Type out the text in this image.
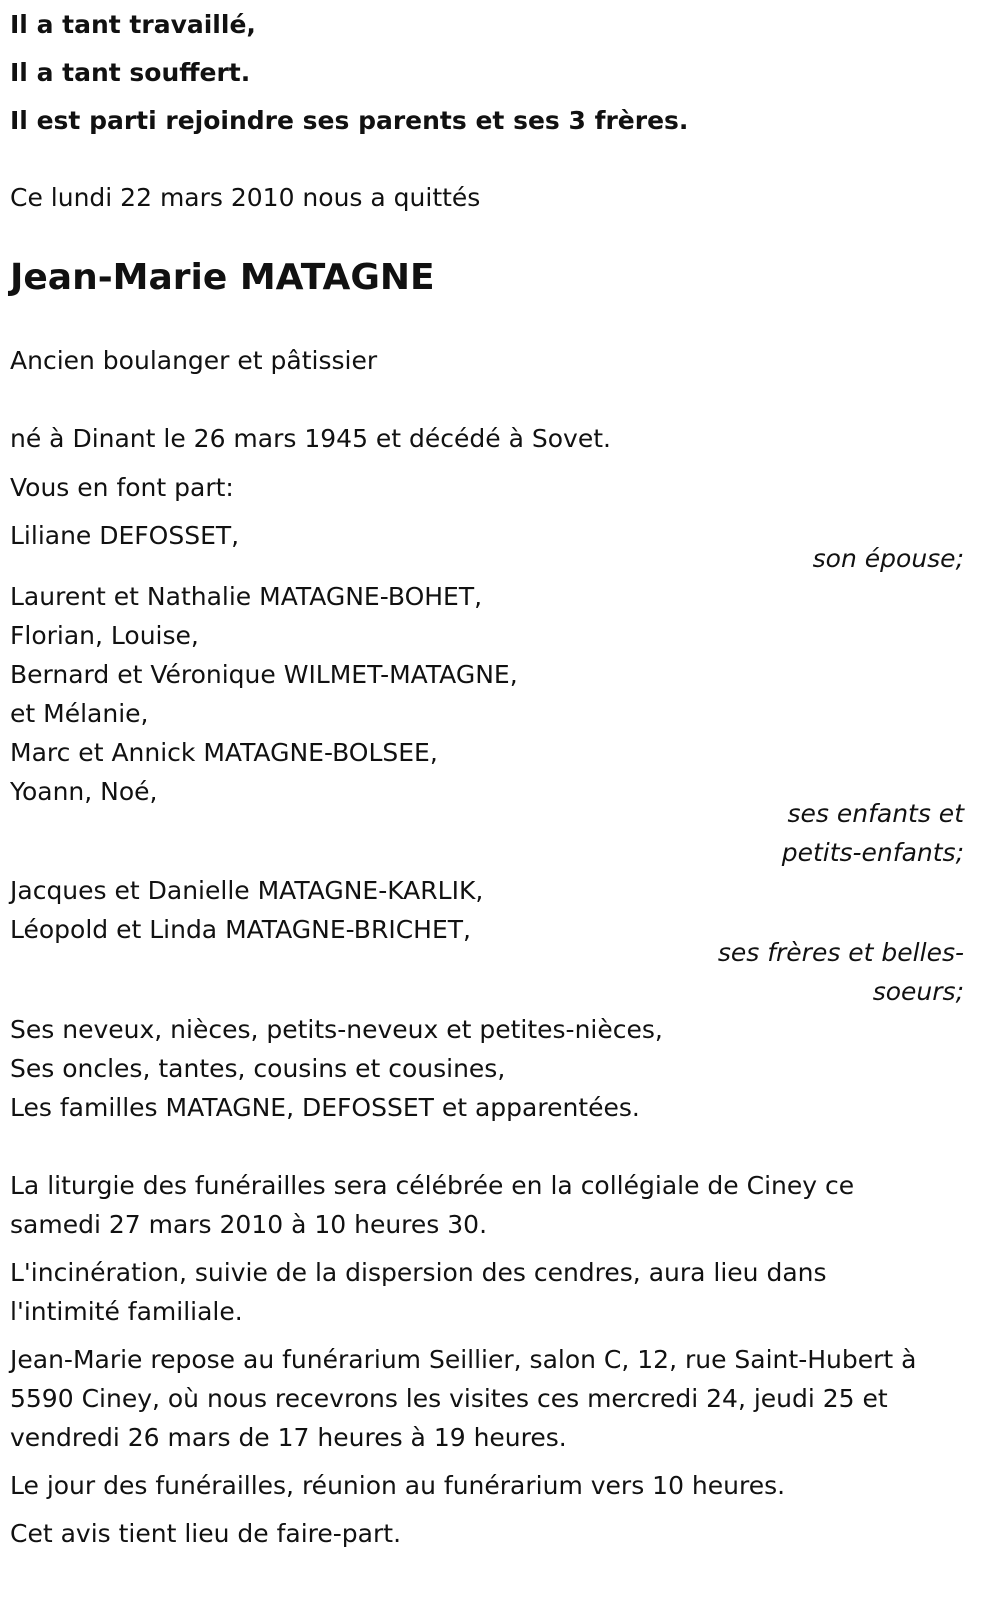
Il a tant travaillé,
Il a tant souffert.
Il est parti rejoindre ses parents et ses 3 frères.
Ce lundi 22 mars 2010 nous a quittés
Jean-Marie MATAGNE
Ancien boulanger et pâtissier
né à Dinant le 26 mars 1945 et décédé à Sovet.
Vous en font part:
Liliane DEFOSSET,
son épouse;
Laurent et Nathalie MATAGNE-BOHET,
Florian, Louise,
Bernard et Véronique WILMET-MATAGNE,
et Mélanie,
Marc et Annick MATAGNE-BOLSEE,
Yoann, Noé,
ses enfants et
petits-enfants;
Jacques et Danielle MATAGNE-KARLIK,
Léopold et Linda MATAGNE-BRICHET,
ses frères et belles-
soeurs;
Ses neveux, nièces, petits-neveux et petites-nièces,
Ses oncles, tantes, cousins et cousines,
Les familles MATAGNE, DEFOSSET et apparentées.
La liturgie des funérailles sera célébrée en la collégiale de Ciney ce
samedi 27 mars 2010 à 10 heures 30.
L'incinération, suivie de la dispersion des cendres, aura lieu dans
l'intimité familiale.
Jean-Marie repose au funérarium Seillier, salon C, 12, rue Saint-Hubert à
5590 Ciney, où nous recevrons les visites ces mercredi 24, jeudi 25 et
vendredi 26 mars de 17 heures à 19 heures.
Le jour des funérailles, réunion au funérarium vers 10 heures.
Cet avis tient lieu de faire-part.
